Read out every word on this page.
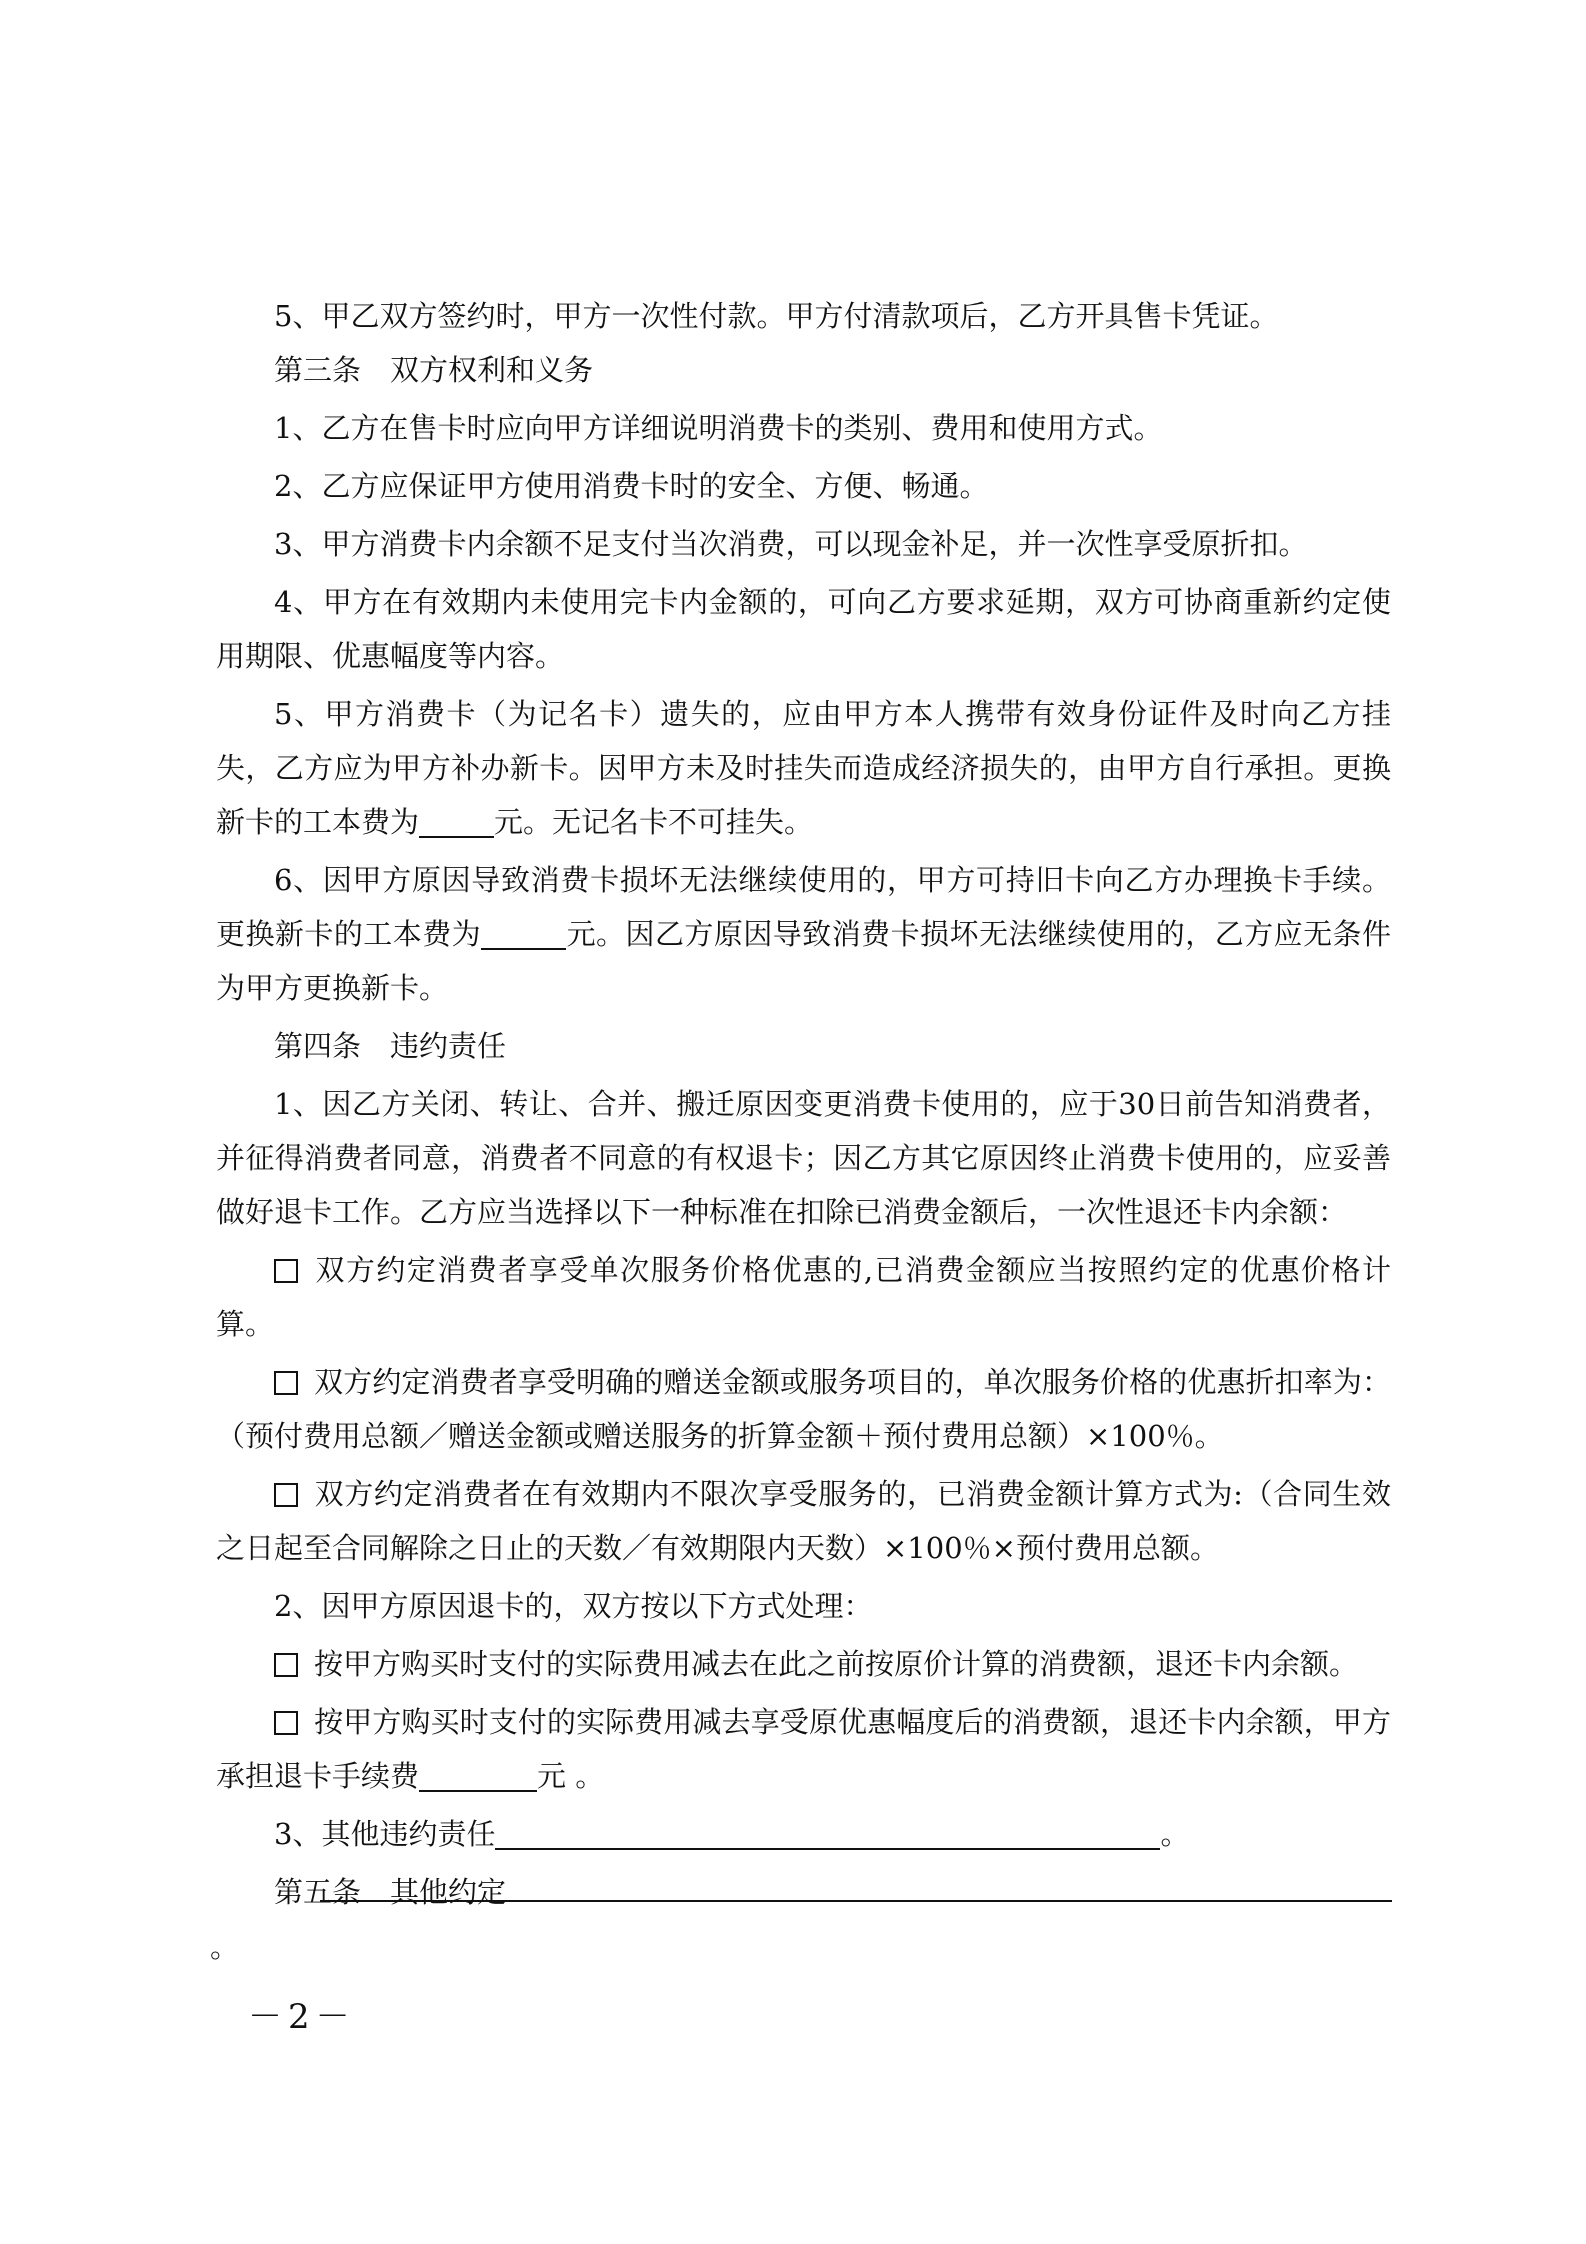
5、甲乙双方签约时，甲方一次性付款。甲方付清款项后，乙方开具售卡凭证。

第三条　双方权利和义务

1、乙方在售卡时应向甲方详细说明消费卡的类别、费用和使用方式。

2、乙方应保证甲方使用消费卡时的安全、方便、畅通。

3、甲方消费卡内余额不足支付当次消费，可以现金补足，并一次性享受原折扣。

4、甲方在有效期内未使用完卡内金额的，可向乙方要求延期，双方可协商重新约定使用期限、优惠幅度等内容。

5、甲方消费卡（为记名卡）遗失的，应由甲方本人携带有效身份证件及时向乙方挂失，乙方应为甲方补办新卡。因甲方未及时挂失而造成经济损失的，由甲方自行承担。更换新卡的工本费为	元。无记名卡不可挂失。

6、因甲方原因导致消费卡损坏无法继续使用的，甲方可持旧卡向乙方办理换卡手续。更换新卡的工本费为	元。因乙方原因导致消费卡损坏无法继续使用的，乙方应无条件为甲方更换新卡。

第四条　违约责任

1、因乙方关闭、转让、合并、搬迁原因变更消费卡使用的，应于30日前告知消费者，并征得消费者同意，消费者不同意的有权退卡；因乙方其它原因终止消费卡使用的，应妥善做好退卡工作。乙方应当选择以下一种标准在扣除已消费金额后，一次性退还卡内余额：

双方约定消费者享受单次服务价格优惠的,已消费金额应当按照约定的优惠价格计算。

双方约定消费者享受明确的赠送金额或服务项目的，单次服务价格的优惠折扣率为：（预付费用总额／赠送金额或赠送服务的折算金额＋预付费用总额）×100％。

双方约定消费者在有效期内不限次享受服务的，已消费金额计算方式为:（合同生效之日起至合同解除之日止的天数／有效期限内天数）×100％×预付费用总额。

2、因甲方原因退卡的，双方按以下方式处理：

按甲方购买时支付的实际费用减去在此之前按原价计算的消费额，退还卡内余额。

按甲方购买时支付的实际费用减去享受原优惠幅度后的消费额，退还卡内余额，甲方承担退卡手续费	元 。

3、其他违约责任	。

第五条　其他约定

。
－2－
